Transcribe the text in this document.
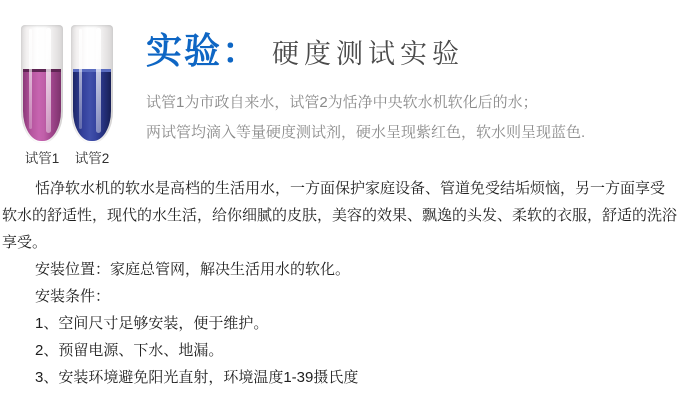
试管1 试管2
实验： 硬度测试实验
试管1为市政自来水，试管2为恬净中央软水机软化后的水；
两试管均滴入等量硬度测试剂，硬水呈现紫红色，软水则呈现蓝色.

恬净软水机的软水是高档的生活用水，一方面保护家庭设备、管道免受结垢烦恼，另一方面享受软水的舒适性，现代的水生活，给你细腻的皮肤，美容的效果、飘逸的头发、柔软的衣服，舒适的洗浴享受。

安装位置：家庭总管网，解决生活用水的软化。

安装条件：

1、空间尺寸足够安装，便于维护。

2、预留电源、下水、地漏。

3、安装环境避免阳光直射，环境温度1-39摄氏度
